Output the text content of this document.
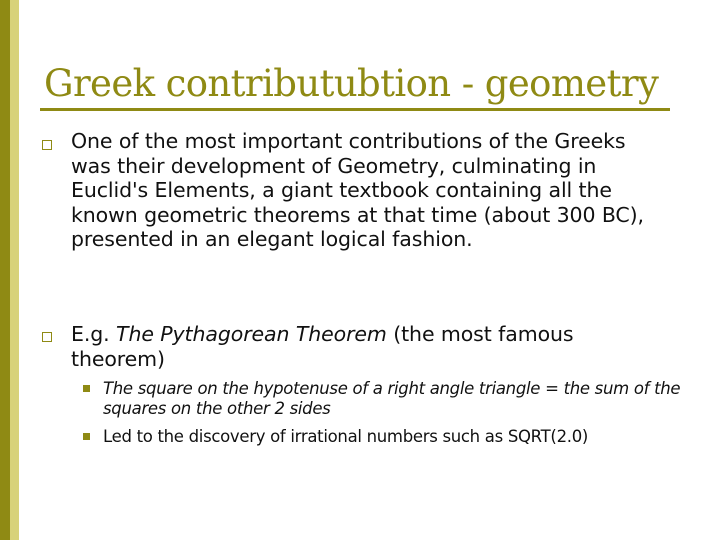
Greek contributubtion - geometry
One of the most important contributions of the Greeks was their development of Geometry, culminating in Euclid's Elements, a giant textbook containing all the known geometric theorems at that time (about 300 BC), presented in an elegant logical fashion.
E.g. The Pythagorean Theorem (the most famous theorem)
The square on the hypotenuse of a right angle triangle = the sum of the squares on the other 2 sides
Led to the discovery of irrational numbers such as SQRT(2.0)
